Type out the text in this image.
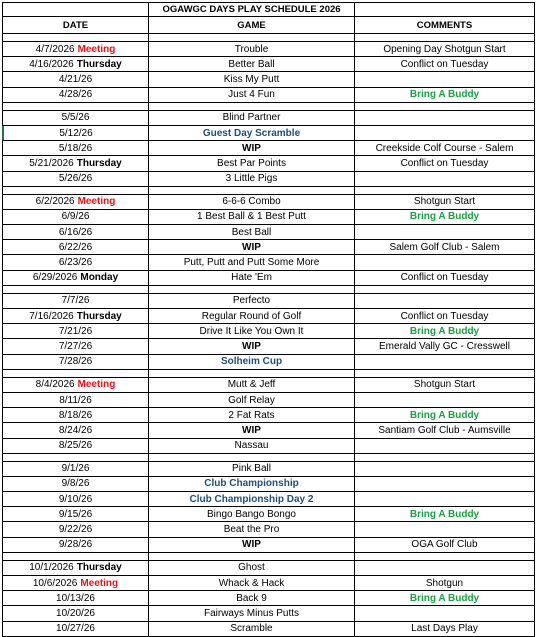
OGAWGC DAYS PLAY SCHEDULE 2026
DATE	GAME	COMMENTS
4/7/2026 Meeting	Trouble	Opening Day Shotgun Start
4/16/2026 Thursday	Better Ball	Conflict on Tuesday
4/21/26	Kiss My Putt
4/28/26	Just 4 Fun	Bring A Buddy
5/5/26	Blind Partner
5/12/26	Guest Day Scramble
5/18/26	WIP	Creekside Colf Course - Salem
5/21/2026 Thursday	Best Par Points	Conflict on Tuesday
5/26/26	3 Little Pigs
6/2/2026 Meeting	6-6-6 Combo	Shotgun Start
6/9/26	1 Best Ball & 1 Best Putt	Bring A Buddy
6/16/26	Best Ball
6/22/26	WIP	Salem Golf Club - Salem
6/23/26	Putt, Putt and Putt Some More
6/29/2026 Monday	Hate 'Em	Conflict on Tuesday
7/7/26	Perfecto
7/16/2026 Thursday	Regular Round of Golf	Conflict on Tuesday
7/21/26	Drive It Like You Own It	Bring A Buddy
7/27/26	WIP	Emerald Vally GC - Cresswell
7/28/26	Solheim Cup
8/4/2026 Meeting	Mutt & Jeff	Shotgun Start
8/11/26	Golf Relay
8/18/26	2 Fat Rats	Bring A Buddy
8/24/26	WIP	Santiam Golf Club - Aumsville
8/25/26	Nassau
9/1/26	Pink Ball
9/8/26	Club Championship
9/10/26	Club Championship Day 2
9/15/26	Bingo Bango Bongo	Bring A Buddy
9/22/26	Beat the Pro
9/28/26	WIP	OGA Golf Club
10/1/2026 Thursday	Ghost
10/6/2026 Meeting	Whack & Hack	Shotgun
10/13/26	Back 9	Bring A Buddy
10/20/26	Fairways Minus Putts
10/27/26	Scramble	Last Days Play
